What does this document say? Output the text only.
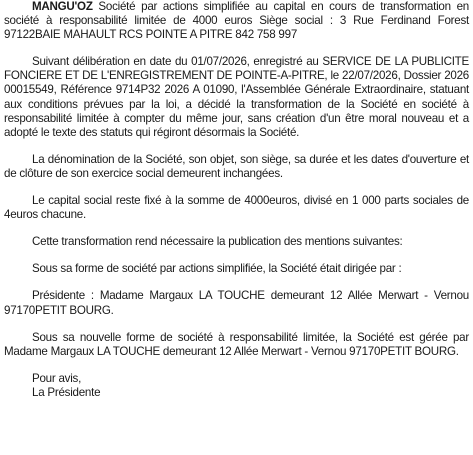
MANGU'OZ Société par actions simplifiée au capital en cours de transformation en société à responsabilité limitée de 4000 euros Siège social : 3 Rue Ferdinand Forest 97122BAIE MAHAULT RCS POINTE A PITRE 842 758 997

Suivant délibération en date du 01/07/2026, enregistré au SERVICE DE LA PUBLICITE FONCIERE ET DE L'ENREGISTREMENT DE POINTE-A-PITRE, le 22/07/2026, Dossier 2026 00015549, Référence 9714P32 2026 A 01090, l'Assemblée Générale Extraordinaire, statuant aux conditions prévues par la loi, a décidé la transformation de la Société en société à responsabilité limitée à compter du même jour, sans création d'un être moral nouveau et a adopté le texte des statuts qui régiront désormais la Société.

La dénomination de la Société, son objet, son siège, sa durée et les dates d'ouverture et de clôture de son exercice social demeurent inchangées.

Le capital social reste fixé à la somme de 4000euros, divisé en 1 000 parts sociales de 4euros chacune.

Cette transformation rend nécessaire la publication des mentions suivantes:

Sous sa forme de société par actions simplifiée, la Société était dirigée par :

Présidente : Madame Margaux LA TOUCHE demeurant 12 Allée Merwart - Vernou 97170PETIT BOURG.

Sous sa nouvelle forme de société à responsabilité limitée, la Société est gérée par Madame Margaux LA TOUCHE demeurant 12 Allée Merwart - Vernou 97170PETIT BOURG.

Pour avis,

La Présidente
